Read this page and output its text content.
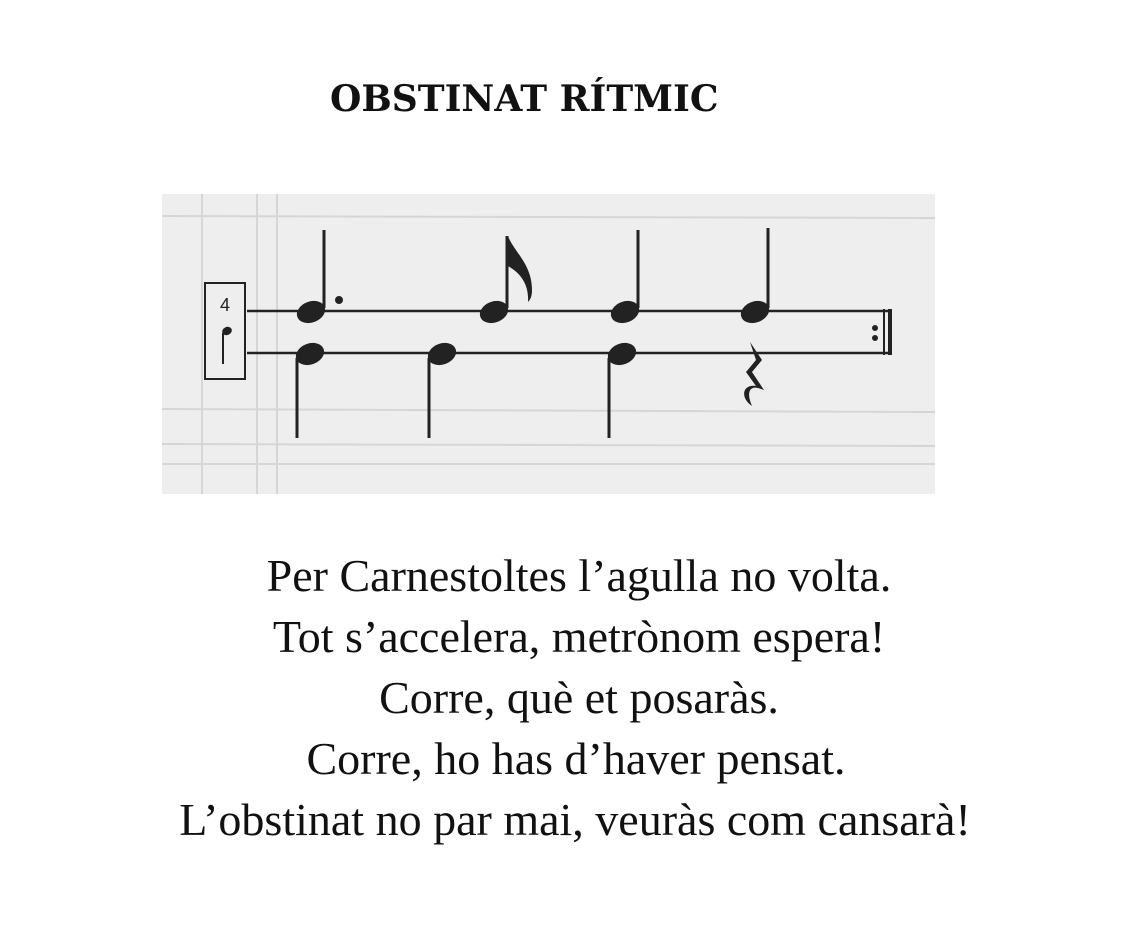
OBSTINAT RÍTMIC
4
Per Carnestoltes l’agulla no volta.
Tot s’accelera, metrònom espera!
Corre, què et posaràs.
Corre, ho has d’haver pensat.
L’obstinat no par mai, veuràs com cansarà!
